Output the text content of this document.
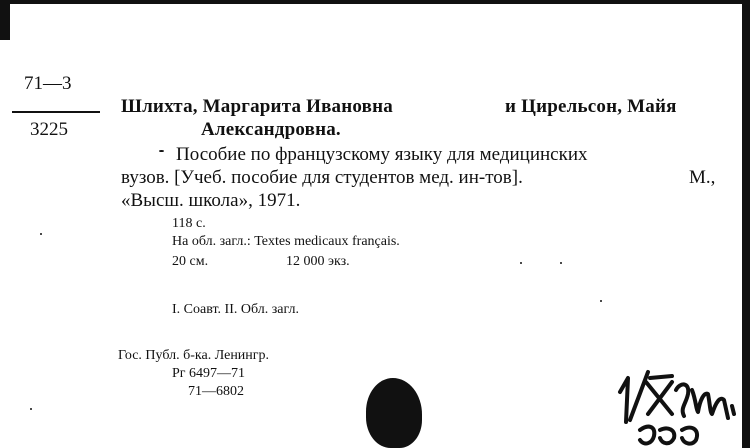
71—3
3225
Шлихта, Маргарита Ивановна	и Цирельсон, Майя
Александровна.
Пособие по французскому языку для медицинских
вузов. [Учеб. пособие для студентов мед. ин-тов].	М.,
«Высш. школа», 1971.
118 с.
На обл. загл.: Textes medicaux français.
20 см.	12 000 экз.
I. Соавт. II. Обл. загл.
Гос. Публ. б-ка. Ленингр.
Рг 6497—71
71—6802
